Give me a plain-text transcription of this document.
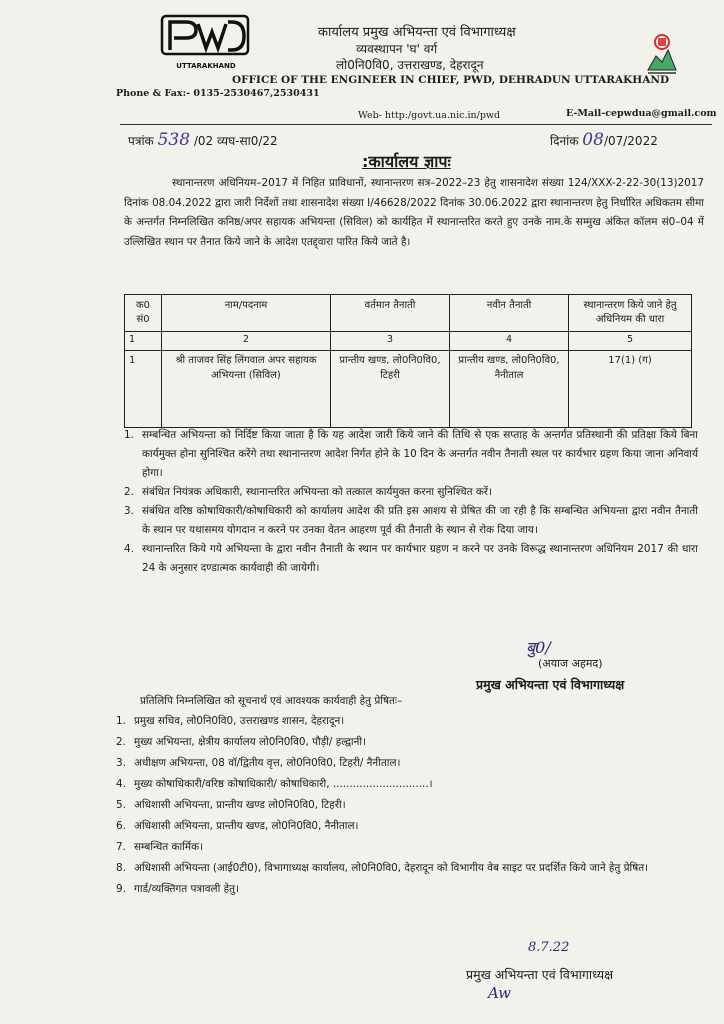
UTTARAKHAND
कार्यालय प्रमुख अभियन्ता एवं विभागाध्यक्ष
व्यवस्थापन 'घ' वर्ग
लो0नि0वि0, उत्तराखण्ड, देहरादून
OFFICE OF THE ENGINEER IN CHIEF, PWD, DEHRADUN UTTARAKHAND
Phone & Fax:- 0135-2530467,2530431
E-Mail-cepwdua@gmail.com
Web- http:/govt.ua.nic.in/pwd
पत्रांक 538 /02 व्यघ-सा0/22	दिनांक 08/07/2022
:कार्यालय ज्ञापः
स्थानान्तरण अधिनियम–2017 में निहित प्राविधानों, स्थानान्तरण सत्र–2022–23 हेतु शासनादेश संख्या 124/XXX-2-22-30(13)2017 दिनांक 08.04.2022 द्वारा जारी निर्देशों तथा शासनादेश संख्या I/46628/2022 दिनांक 30.06.2022 द्वारा स्थानान्तरण हेतु निर्धारित अधिकतम सीमा के अन्तर्गत निम्नलिखित कनिष्ठ/अपर सहायक अभियन्ता (सिविल) को कार्यहित में स्थानान्तरित करते हुए उनके नाम.के सम्मुख अंकित कॉलम सं0–04 में उल्लिखित स्थान पर तैनात किये जाने के आदेश एतद्द्वारा पारित किये जाते है।
क0 सं0	नाम/पदनाम	वर्तमान तैनाती	नवीन तैनाती	स्थानान्तरण किये जाने हेतु अधिनियम की धारा
1	2	3	4	5
1	श्री ताजवर सिंह लिंगवाल अपर सहायक अभियन्ता (सिविल)	प्रान्तीय खण्ड, लो0नि0वि0, टिहरी	प्रान्तीय खण्ड, लो0नि0वि0, नैनीताल	17(1) (ग)
1. सम्बन्धित अभियन्ता को निर्दिष्ट किया जाता है कि यह आदेश जारी किये जाने की तिथि से एक सप्ताह के अन्तर्गत प्रतिस्थानी की प्रतिक्षा किये बिना कार्यमुक्त होना सुनिश्चित करेंगे तथा स्थानान्तरण आदेश निर्गत होने के 10 दिन के अन्तर्गत नवीन तैनाती स्थल पर कार्यभार ग्रहण किया जाना अनिवार्य होगा।
2. संबंधित नियंत्रक अधिकारी, स्थानान्तरित अभियन्ता को तत्काल कार्यमुक्त करना सुनिश्चित करें।
3. संबंधित वरिष्ठ कोषाधिकारी/कोषाधिकारी को कार्यालय आदेश की प्रति इस आशय से प्रेषित की जा रही है कि सम्बन्धित अभियन्ता द्वारा नवीन तैनाती के स्थान पर यथासमय योगदान न करने पर उनका वेतन आहरण पूर्व की तैनाती के स्थान से रोक दिया जाय।
4. स्थानान्तरित किये गये अभियन्ता के द्वारा नवीन तैनाती के स्थान पर कार्यभार ग्रहण न करने पर उनके विरूद्ध स्थानान्तरण अधिनियम 2017 की धारा 24 के अनुसार दण्डात्मक कार्यवाही की जायेगी।
बु0/
(अयाज अहमद)
प्रमुख अभियन्ता एवं विभागाध्यक्ष
प्रतिलिपि निम्नलिखित को सूचनार्थ एवं आवश्यक कार्यवाही हेतु प्रेषितः–
1. प्रमुख सचिव, लो0नि0वि0, उत्तराखण्ड शासन, देहरादून।
2. मुख्य अभियन्ता, क्षेत्रीय कार्यालय लो0नि0वि0, पौड़ी/ हल्द्वानी।
3. अधीक्षण अभियन्ता, 08 वॉ/द्वितीय वृत्त, लो0नि0वि0, टिहरी/ नैनीताल।
4. मुख्य कोषाधिकारी/वरिष्ठ कोषाधिकारी/ कोषाधिकारी, .............................।
5. अधिशासी अभियन्ता, प्रान्तीय खण्ड लो0नि0वि0, टिहरी।
6. अधिशासी अभियन्ता, प्रान्तीय खण्ड, लो0नि0वि0, नैनीताल।
7. सम्बन्धित कार्मिक।
8. अधिशासी अभियन्ता (आई0टी0), विभागाध्यक्ष कार्यालय, लो0नि0वि0, देहरादून को विभागीय वेब साइट पर प्रदर्शित किये जाने हेतु प्रेषित।
9. गार्ड/व्यक्तिगत पत्रावली हेतु।
8.7.22
प्रमुख अभियन्ता एवं विभागाध्यक्ष
Aw
